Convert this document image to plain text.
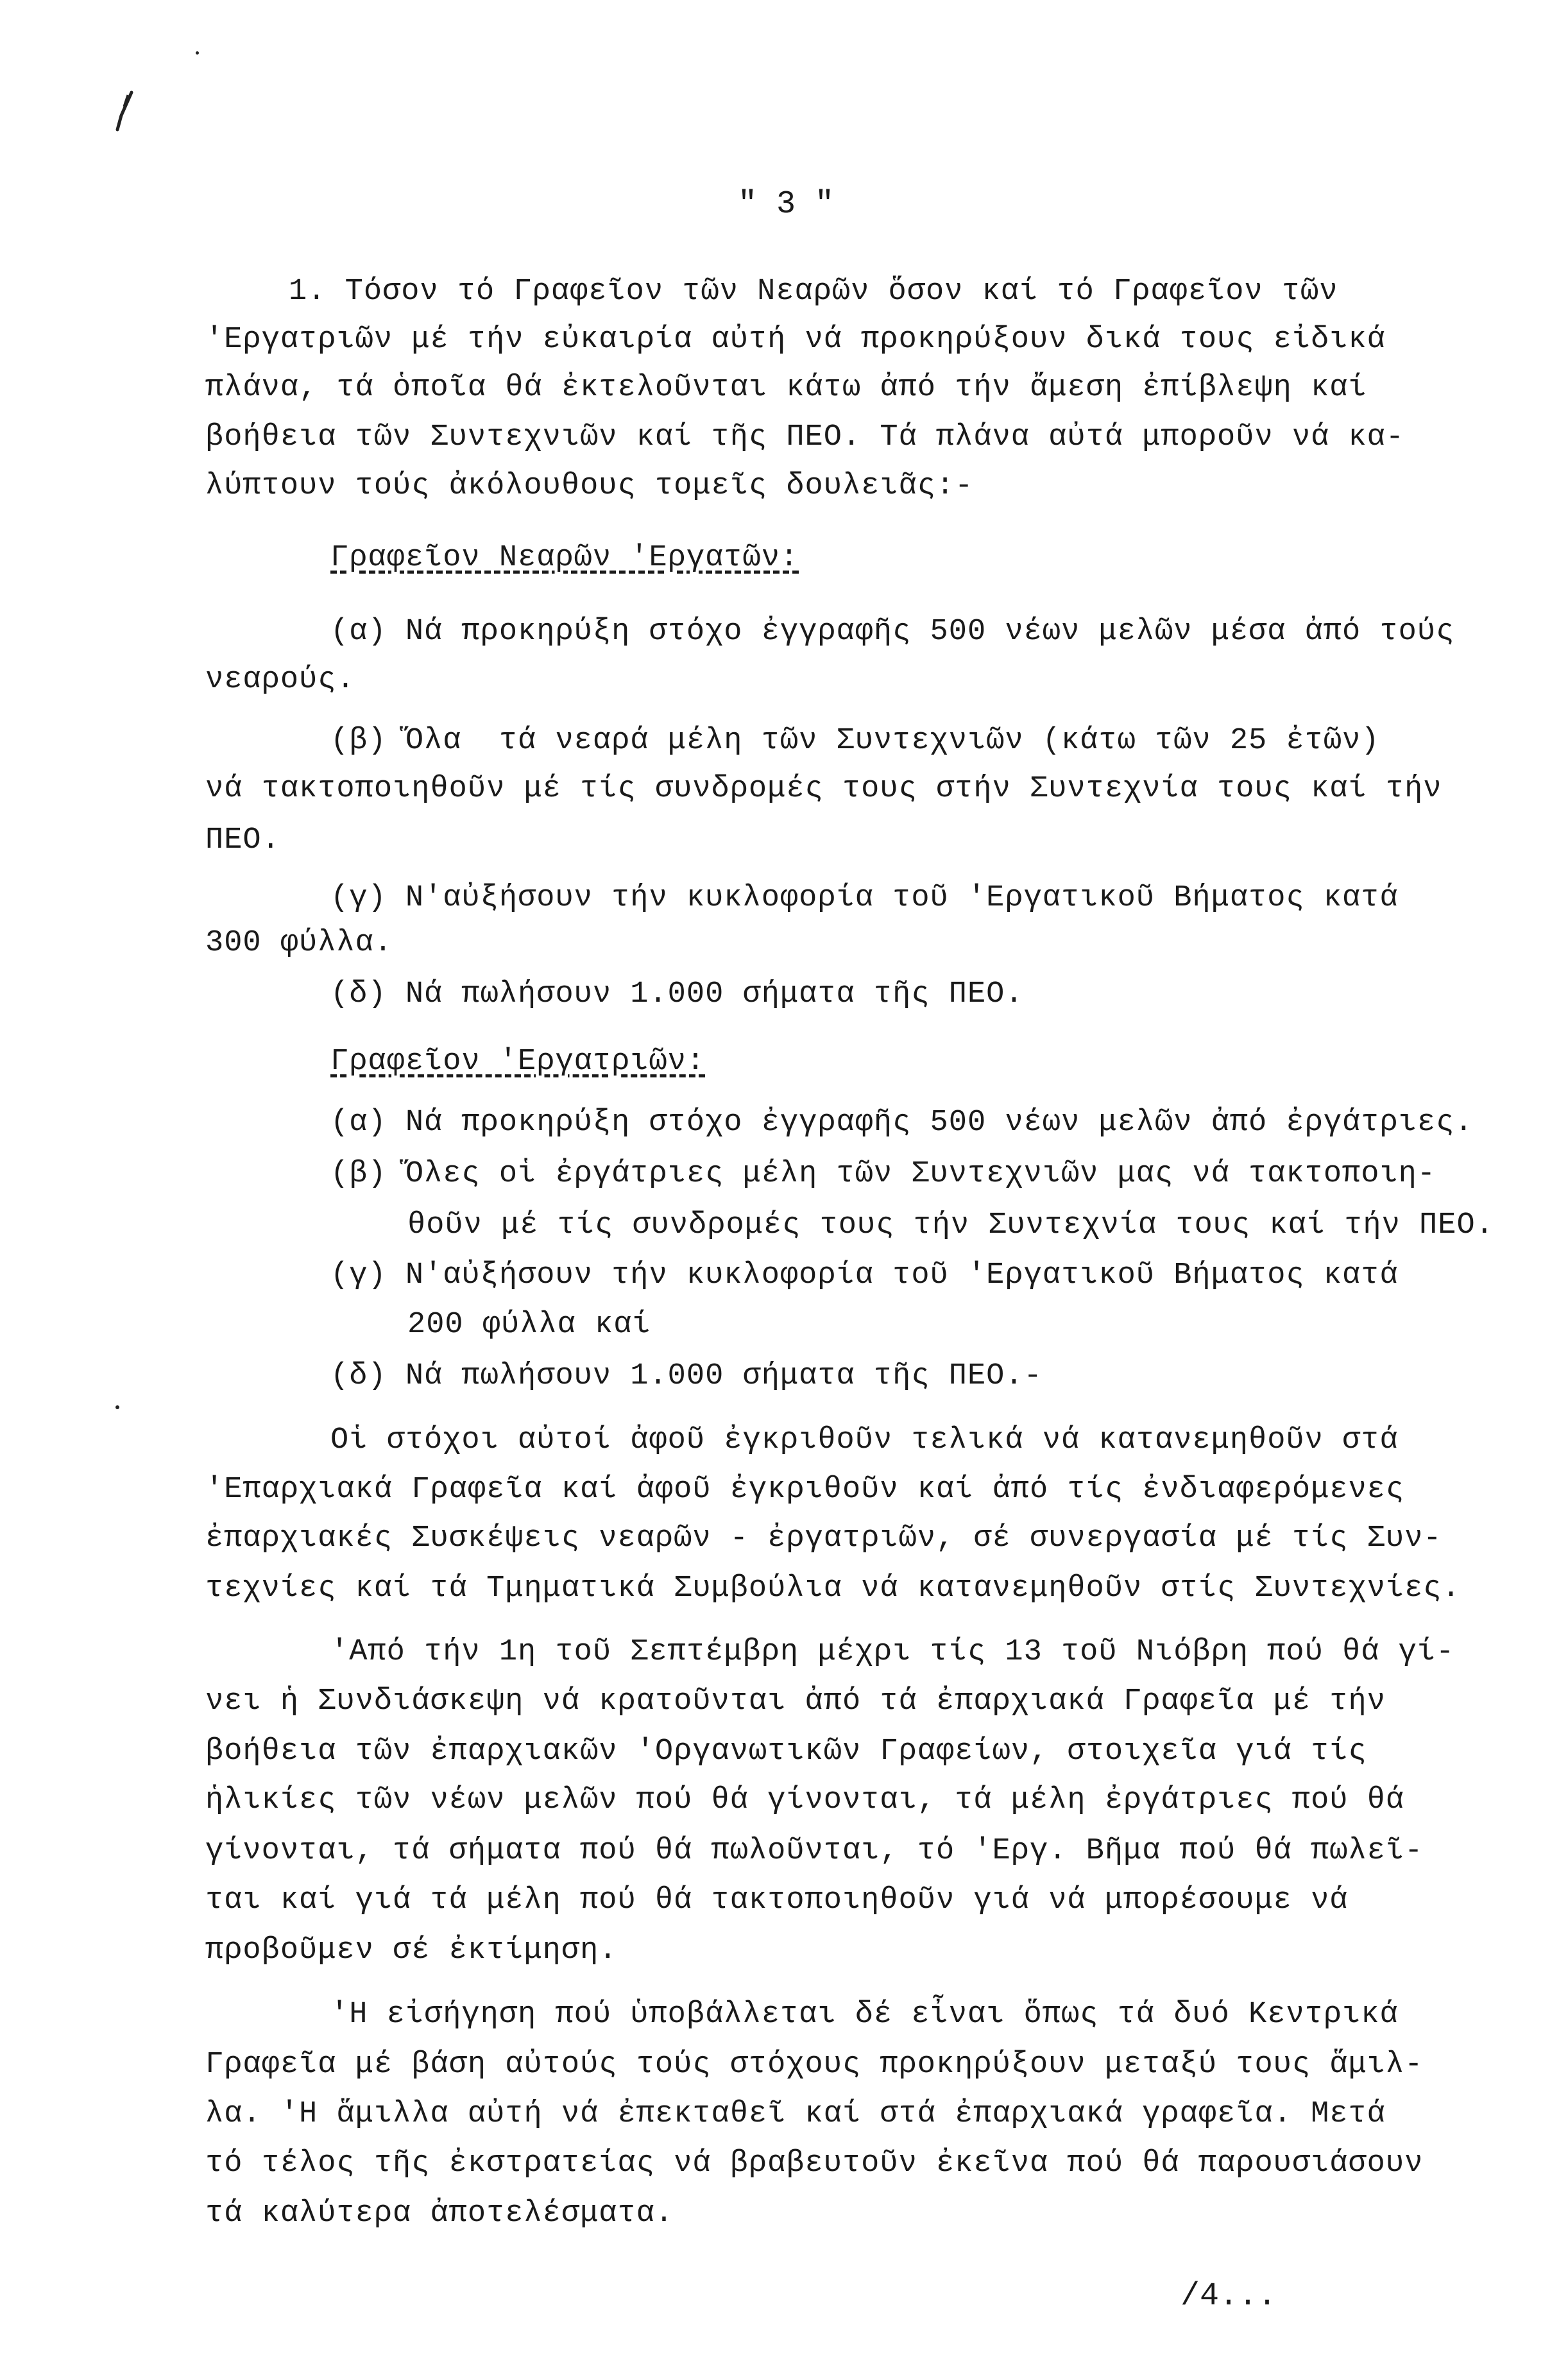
" 3 "
1. Τόσον τό Γραφεῖον τῶν Νεαρῶν ὅσον καί τό Γραφεῖον τῶν
'Εργατριῶν μέ τήν εὐκαιρία αὐτή νά προκηρύξουν δικά τους εἰδικά
πλάνα, τά ὁποῖα θά ἐκτελοῦνται κάτω ἀπό τήν ἄμεση ἐπίβλεψη καί
βοήθεια τῶν Συντεχνιῶν καί τῆς ΠΕΟ. Τά πλάνα αὐτά μποροῦν νά κα-
λύπτουν τούς ἀκόλουθους τομεῖς δουλειᾶς:-
Γραφεῖον Νεαρῶν 'Εργατῶν:
(α) Νά προκηρύξη στόχο ἐγγραφῆς 500 νέων μελῶν μέσα ἀπό τούς
νεαρούς.
(β) Ὅλα  τά νεαρά μέλη τῶν Συντεχνιῶν (κάτω τῶν 25 ἐτῶν)
νά τακτοποιηθοῦν μέ τίς συνδρομές τους στήν Συντεχνία τους καί τήν
ΠΕΟ.
(γ) Ν'αὐξήσουν τήν κυκλοφορία τοῦ 'Εργατικοῦ Βήματος κατά
300 φύλλα.
(δ) Νά πωλήσουν 1.000 σήματα τῆς ΠΕΟ.
Γραφεῖον 'Εργατριῶν:
(α) Νά προκηρύξη στόχο ἐγγραφῆς 500 νέων μελῶν ἀπό ἐργάτριες.
(β) Ὅλες οἱ ἐργάτριες μέλη τῶν Συντεχνιῶν μας νά τακτοποιη-
θοῦν μέ τίς συνδρομές τους τήν Συντεχνία τους καί τήν ΠΕΟ.
(γ) Ν'αὐξήσουν τήν κυκλοφορία τοῦ 'Εργατικοῦ Βήματος κατά
200 φύλλα καί
(δ) Νά πωλήσουν 1.000 σήματα τῆς ΠΕΟ.-
Οἱ στόχοι αὐτοί ἀφοῦ ἐγκριθοῦν τελικά νά κατανεμηθοῦν στά
'Επαρχιακά Γραφεῖα καί ἀφοῦ ἐγκριθοῦν καί ἀπό τίς ἐνδιαφερόμενες
ἐπαρχιακές Συσκέψεις νεαρῶν - ἐργατριῶν, σέ συνεργασία μέ τίς Συν-
τεχνίες καί τά Τμηματικά Συμβούλια νά κατανεμηθοῦν στίς Συντεχνίες.
'Από τήν 1η τοῦ Σεπτέμβρη μέχρι τίς 13 τοῦ Νιόβρη πού θά γί-
νει ἡ Συνδιάσκεψη νά κρατοῦνται ἀπό τά ἐπαρχιακά Γραφεῖα μέ τήν
βοήθεια τῶν ἐπαρχιακῶν 'Οργανωτικῶν Γραφείων, στοιχεῖα γιά τίς
ἡλικίες τῶν νέων μελῶν πού θά γίνονται, τά μέλη ἐργάτριες πού θά
γίνονται, τά σήματα πού θά πωλοῦνται, τό 'Εργ. Βῆμα πού θά πωλεῖ-
ται καί γιά τά μέλη πού θά τακτοποιηθοῦν γιά νά μπορέσουμε νά
προβοῦμεν σέ ἐκτίμηση.
'Η εἰσήγηση πού ὑποβάλλεται δέ εἶναι ὅπως τά δυό Κεντρικά
Γραφεῖα μέ βάση αὐτούς τούς στόχους προκηρύξουν μεταξύ τους ἅμιλ-
λα. 'Η ἅμιλλα αὐτή νά ἐπεκταθεῖ καί στά ἐπαρχιακά γραφεῖα. Μετά
τό τέλος τῆς ἐκστρατείας νά βραβευτοῦν ἐκεῖνα πού θά παρουσιάσουν
τά καλύτερα ἀποτελέσματα.
/4...
